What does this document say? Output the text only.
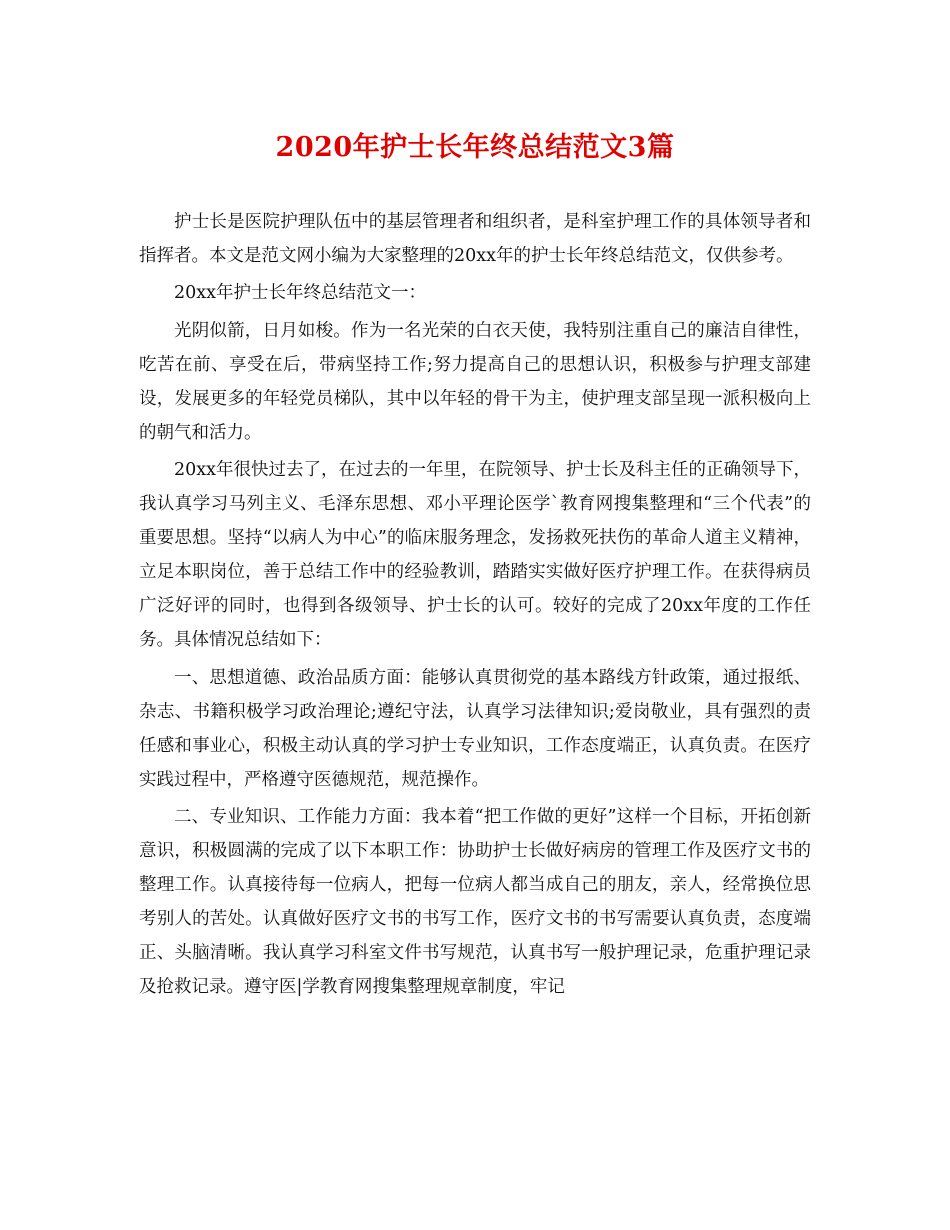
2020年护士长年终总结范文3篇

护士长是医院护理队伍中的基层管理者和组织者，是科室护理工作的具体领导者和指挥者。本文是范文网小编为大家整理的20xx年的护士长年终总结范文，仅供参考。

20xx年护士长年终总结范文一：

光阴似箭，日月如梭。作为一名光荣的白衣天使，我特别注重自己的廉洁自律性，吃苦在前、享受在后，带病坚持工作;努力提高自己的思想认识，积极参与护理支部建设，发展更多的年轻党员梯队，其中以年轻的骨干为主，使护理支部呈现一派积极向上的朝气和活力。

20xx年很快过去了，在过去的一年里，在院领导、护士长及科主任的正确领导下，我认真学习马列主义、毛泽东思想、邓小平理论医学`教育网搜集整理和“三个代表”的重要思想。坚持“以病人为中心”的临床服务理念，发扬救死扶伤的革命人道主义精神，立足本职岗位，善于总结工作中的经验教训，踏踏实实做好医疗护理工作。在获得病员广泛好评的同时，也得到各级领导、护士长的认可。较好的完成了20xx年度的工作任务。具体情况总结如下：

一、思想道德、政治品质方面：能够认真贯彻党的基本路线方针政策，通过报纸、杂志、书籍积极学习政治理论;遵纪守法，认真学习法律知识;爱岗敬业，具有强烈的责任感和事业心，积极主动认真的学习护士专业知识，工作态度端正，认真负责。在医疗实践过程中，严格遵守医德规范，规范操作。

二、专业知识、工作能力方面：我本着“把工作做的更好”这样一个目标，开拓创新意识，积极圆满的完成了以下本职工作：协助护士长做好病房的管理工作及医疗文书的整理工作。认真接待每一位病人，把每一位病人都当成自己的朋友，亲人，经常换位思考别人的苦处。认真做好医疗文书的书写工作，医疗文书的书写需要认真负责，态度端正、头脑清晰。我认真学习科室文件书写规范，认真书写一般护理记录，危重护理记录及抢救记录。遵守医|学教育网搜集整理规章制度，牢记
